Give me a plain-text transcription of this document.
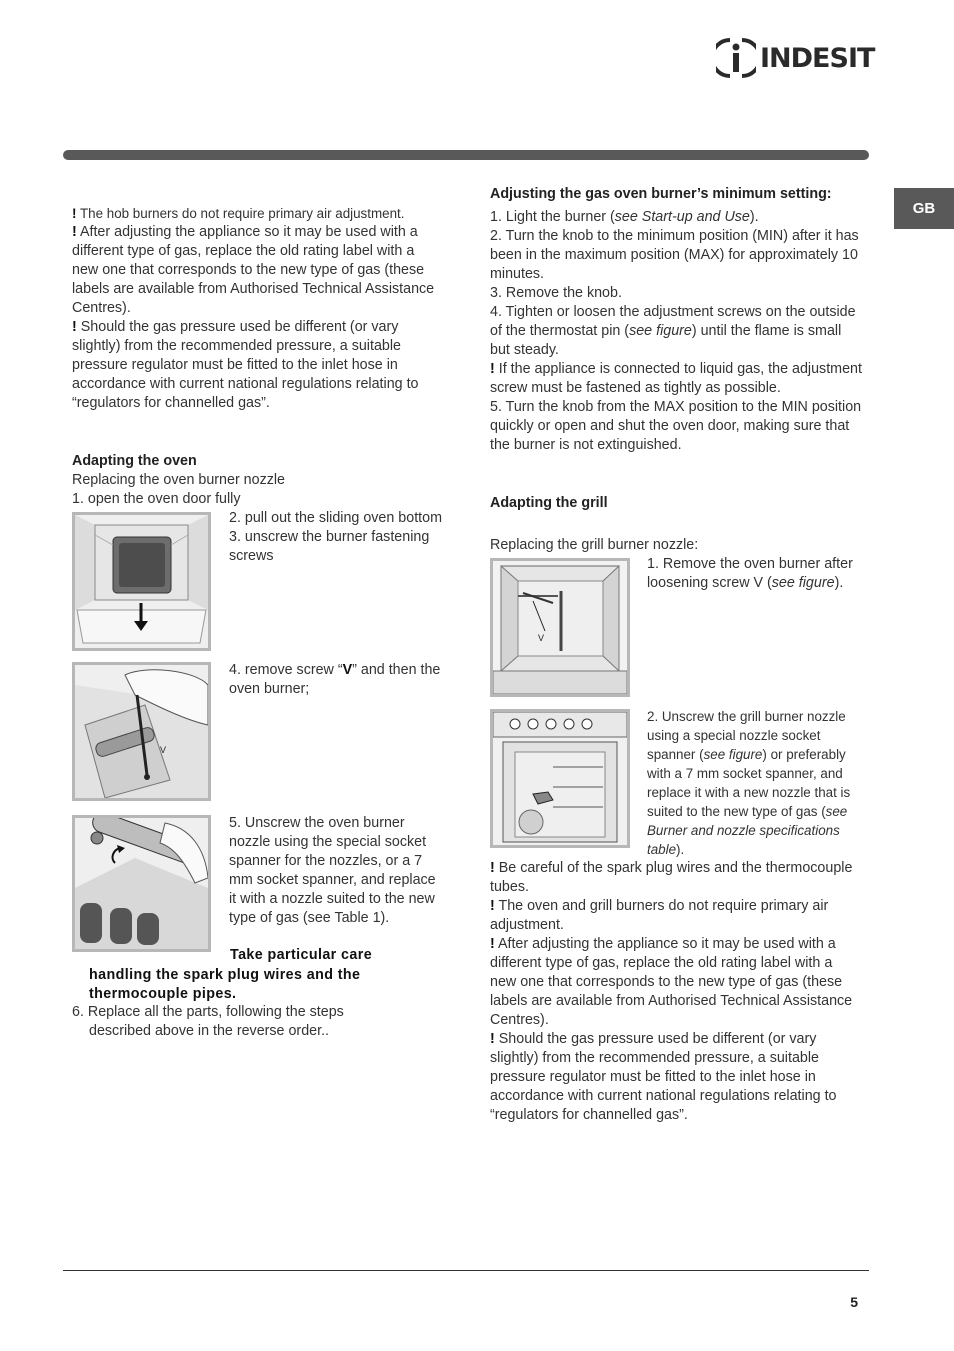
INDESIT
GB

! The hob burners do not require primary air adjustment.

! After adjusting the appliance so it may be used with a different type of gas, replace the old rating label with a new one that corresponds to the new type of gas (these labels are available from Authorised Technical Assistance Centres).

! Should the gas pressure used be different (or vary slightly) from the recommended pressure, a suitable pressure regulator must be fitted to the inlet hose in accordance with current national regulations relating to “regulators for channelled gas”.

Adapting the oven

Replacing the oven burner nozzle

1. open the oven door fully

2. pull out the sliding oven bottom

3. unscrew the burner fastening screws

V

4. remove screw “V” and then the oven burner;

5. Unscrew the oven burner nozzle using the special socket spanner for the nozzles, or a 7 mm socket spanner, and replace it with a nozzle suited to the new type of gas (see Table 1).

Take particular care handling the spark plug wires and the thermocouple pipes.

6. Replace all the parts, following the steps described above in the reverse order..

Adjusting the gas oven burner’s minimum setting:

1. Light the burner (see Start-up and Use).

2. Turn the knob to the minimum position (MIN) after it has been in the maximum position (MAX) for approximately 10 minutes.

3. Remove the knob.

4. Tighten or loosen the adjustment screws on the outside of the thermostat pin (see figure) until the flame is small but steady.

! If the appliance is connected to liquid gas, the adjustment screw must be fastened as tightly as possible.

5. Turn the knob from the MAX position to the MIN position quickly or open and shut the oven door, making sure that the burner is not extinguished.

Adapting the grill

Replacing the grill burner nozzle:

V

1. Remove the oven burner after loosening screw V (see figure).

2. Unscrew the grill burner nozzle using a special nozzle socket spanner (see figure) or preferably with a 7 mm socket spanner, and replace it with a new nozzle that is suited to the new type of gas (see Burner and nozzle specifications table).

! Be careful of the spark plug wires and the thermocouple tubes.

! The oven and grill burners do not require primary air adjustment.

! After adjusting the appliance so it may be used with a different type of gas, replace the old rating label with a new one that corresponds to the new type of gas (these labels are available from Authorised Technical Assistance Centres).

! Should the gas pressure used be different (or vary slightly) from the recommended pressure, a suitable pressure regulator must be fitted to the inlet hose in accordance with current national regulations relating to “regulators for channelled gas”.

5
